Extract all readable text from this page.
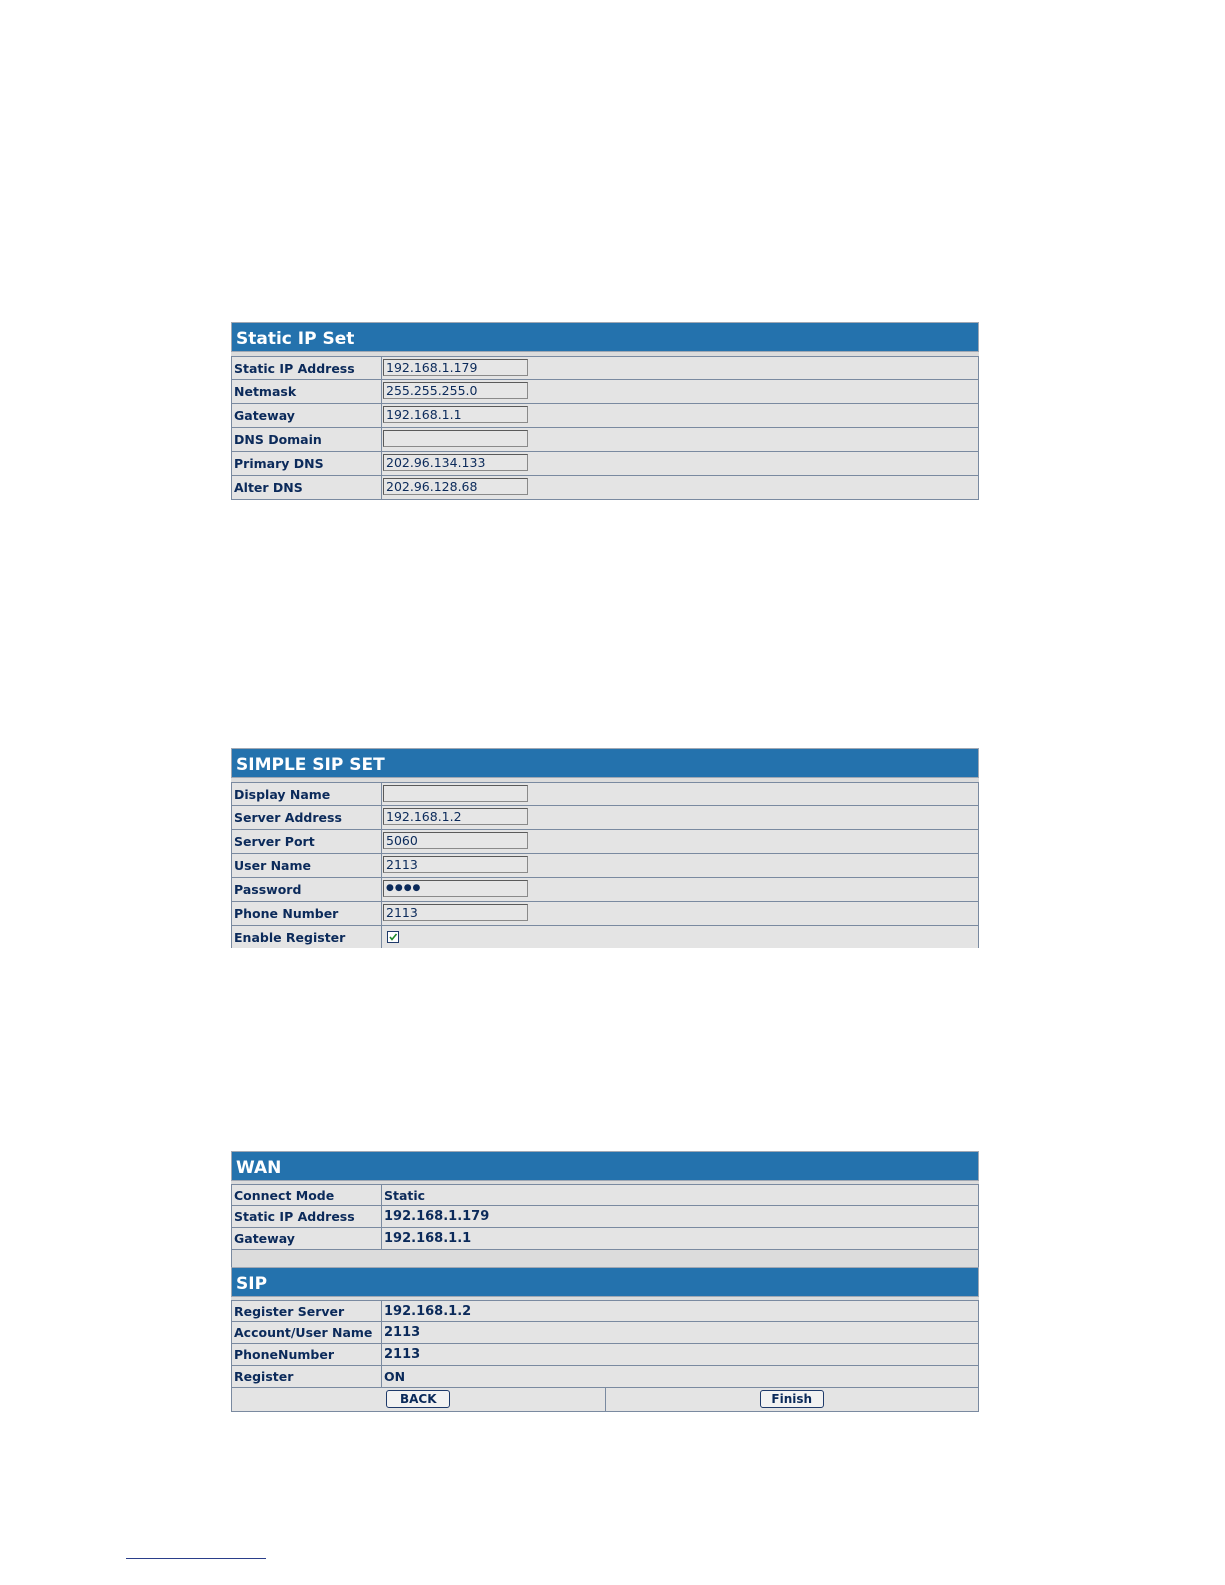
Static IP Set
Static IP Address	192.168.1.179
Netmask	255.255.255.0
Gateway	192.168.1.1
DNS Domain
Primary DNS	202.96.134.133
Alter DNS	202.96.128.68
SIMPLE SIP SET
Display Name
Server Address	192.168.1.2
Server Port	5060
User Name	2113
Password	●●●●
Phone Number	2113
Enable Register
WAN
Connect Mode	Static
Static IP Address	192.168.1.179
Gateway	192.168.1.1
SIP
Register Server	192.168.1.2
Account/User Name 2113
PhoneNumber	2113
Register	ON
BACK	Finish
